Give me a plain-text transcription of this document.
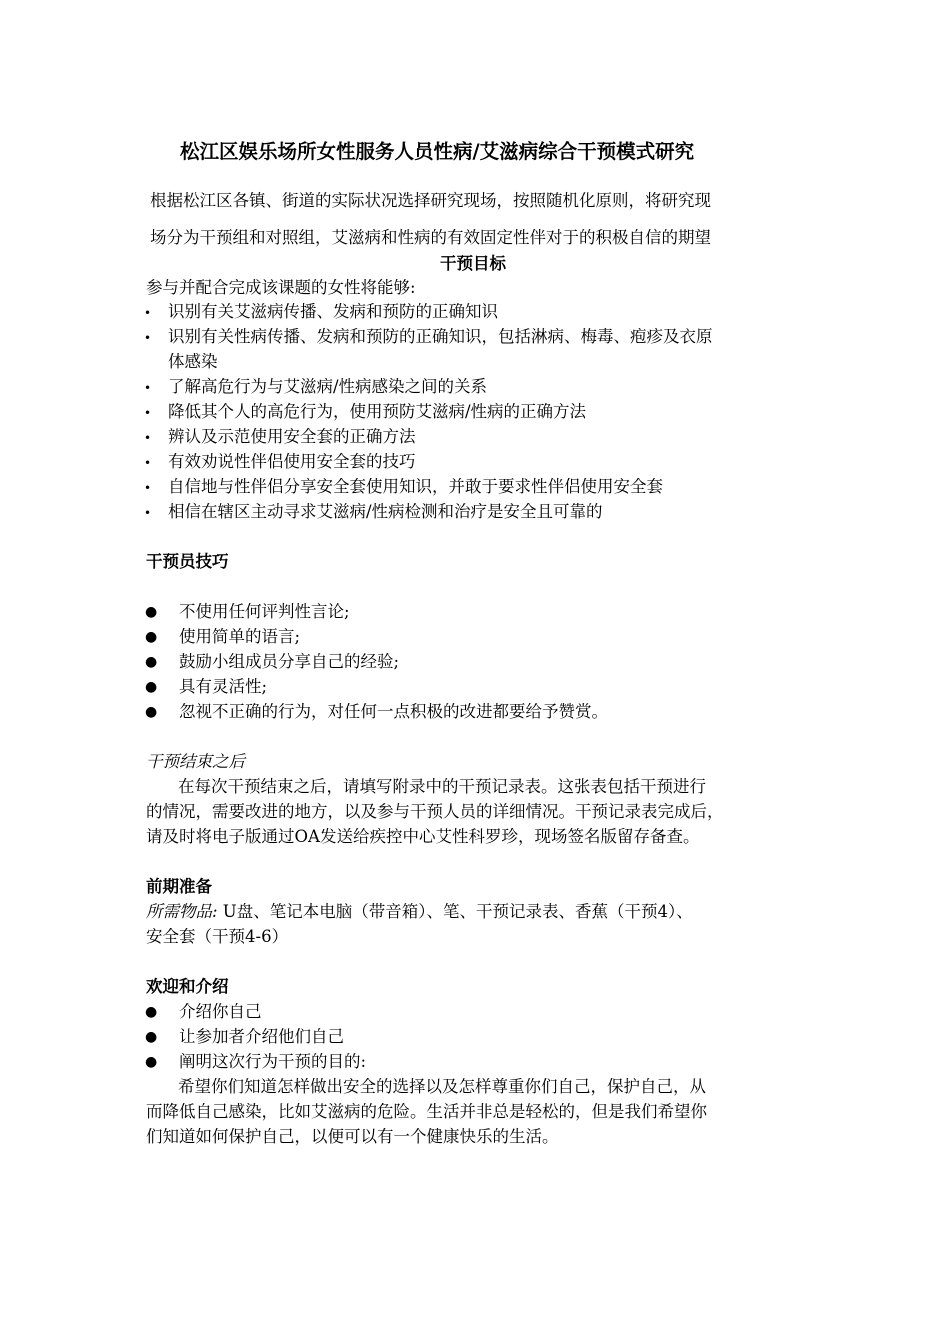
松江区娱乐场所女性服务人员性病/艾滋病综合干预模式研究
根据松江区各镇、街道的实际状况选择研究现场，按照随机化原则，将研究现
场分为干预组和对照组，艾滋病和性病的有效固定性伴对于的积极自信的期望
干预目标
参与并配合完成该课题的女性将能够:
• 识别有关艾滋病传播、发病和预防的正确知识
• 识别有关性病传播、发病和预防的正确知识，包括淋病、梅毒、疱疹及衣原
体感染
• 了解高危行为与艾滋病/性病感染之间的关系
• 降低其个人的高危行为，使用预防艾滋病/性病的正确方法
• 辨认及示范使用安全套的正确方法
• 有效劝说性伴侣使用安全套的技巧
• 自信地与性伴侣分享安全套使用知识，并敢于要求性伴侣使用安全套
• 相信在辖区主动寻求艾滋病/性病检测和治疗是安全且可靠的
干预员技巧
● 不使用任何评判性言论;
● 使用简单的语言;
● 鼓励小组成员分享自己的经验;
● 具有灵活性;
● 忽视不正确的行为，对任何一点积极的改进都要给予赞赏。
干预结束之后
在每次干预结束之后，请填写附录中的干预记录表。这张表包括干预进行
的情况，需要改进的地方，以及参与干预人员的详细情况。干预记录表完成后，
请及时将电子版通过OA发送给疾控中心艾性科罗珍，现场签名版留存备查。
前期准备
所需物品: U盘、笔记本电脑（带音箱）、笔、干预记录表、香蕉（干预4）、
安全套（干预4-6）
欢迎和介绍
● 介绍你自己
● 让参加者介绍他们自己
● 阐明这次行为干预的目的:
希望你们知道怎样做出安全的选择以及怎样尊重你们自己，保护自己，从
而降低自己感染，比如艾滋病的危险。生活并非总是轻松的，但是我们希望你
们知道如何保护自己，以便可以有一个健康快乐的生活。
